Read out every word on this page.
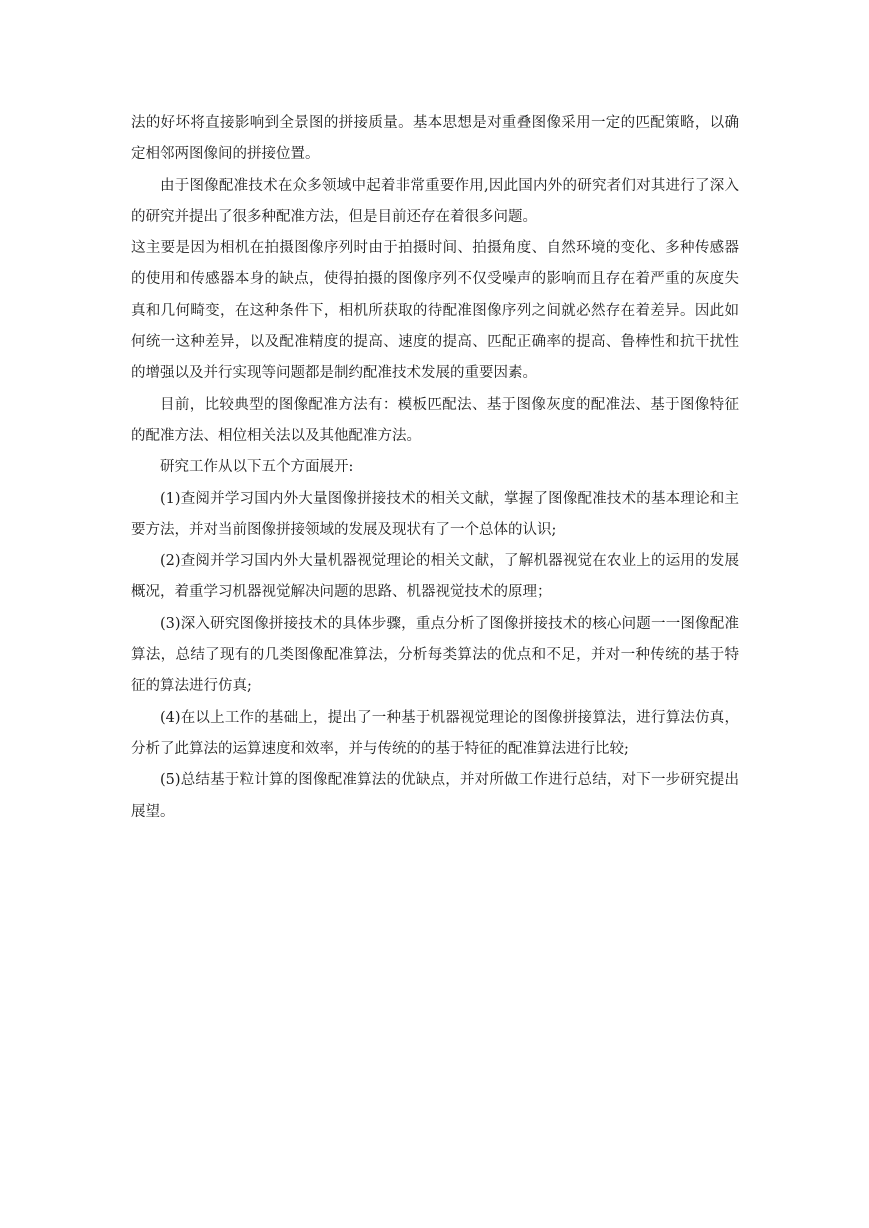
法的好坏将直接影响到全景图的拼接质量。基本思想是对重叠图像采用一定的匹配策略，以确定相邻两图像间的拼接位置。

由于图像配准技术在众多领域中起着非常重要作用,因此国内外的研究者们对其进行了深入的研究并提出了很多种配准方法，但是目前还存在着很多问题。

这主要是因为相机在拍摄图像序列时由于拍摄时间、拍摄角度、自然环境的变化、多种传感器的使用和传感器本身的缺点，使得拍摄的图像序列不仅受噪声的影响而且存在着严重的灰度失真和几何畸变，在这种条件下，相机所获取的待配准图像序列之间就必然存在着差异。因此如何统一这种差异，以及配准精度的提高、速度的提高、匹配正确率的提高、鲁棒性和抗干扰性的增强以及并行实现等问题都是制约配准技术发展的重要因素。

目前，比较典型的图像配准方法有：模板匹配法、基于图像灰度的配准法、基于图像特征的配准方法、相位相关法以及其他配准方法。

研究工作从以下五个方面展开:

(1)查阅并学习国内外大量图像拼接技术的相关文献，掌握了图像配准技术的基本理论和主要方法，并对当前图像拼接领域的发展及现状有了一个总体的认识;

(2)查阅并学习国内外大量机器视觉理论的相关文献，了解机器视觉在农业上的运用的发展概况，着重学习机器视觉解决问题的思路、机器视觉技术的原理；

(3)深入研究图像拼接技术的具体步骤，重点分析了图像拼接技术的核心问题一一图像配准算法，总结了现有的几类图像配准算法，分析每类算法的优点和不足，并对一种传统的基于特征的算法进行仿真;

(4)在以上工作的基础上，提出了一种基于机器视觉理论的图像拼接算法，进行算法仿真，分析了此算法的运算速度和效率，并与传统的的基于特征的配准算法进行比较;

(5)总结基于粒计算的图像配准算法的优缺点，并对所做工作进行总结，对下一步研究提出展望。
